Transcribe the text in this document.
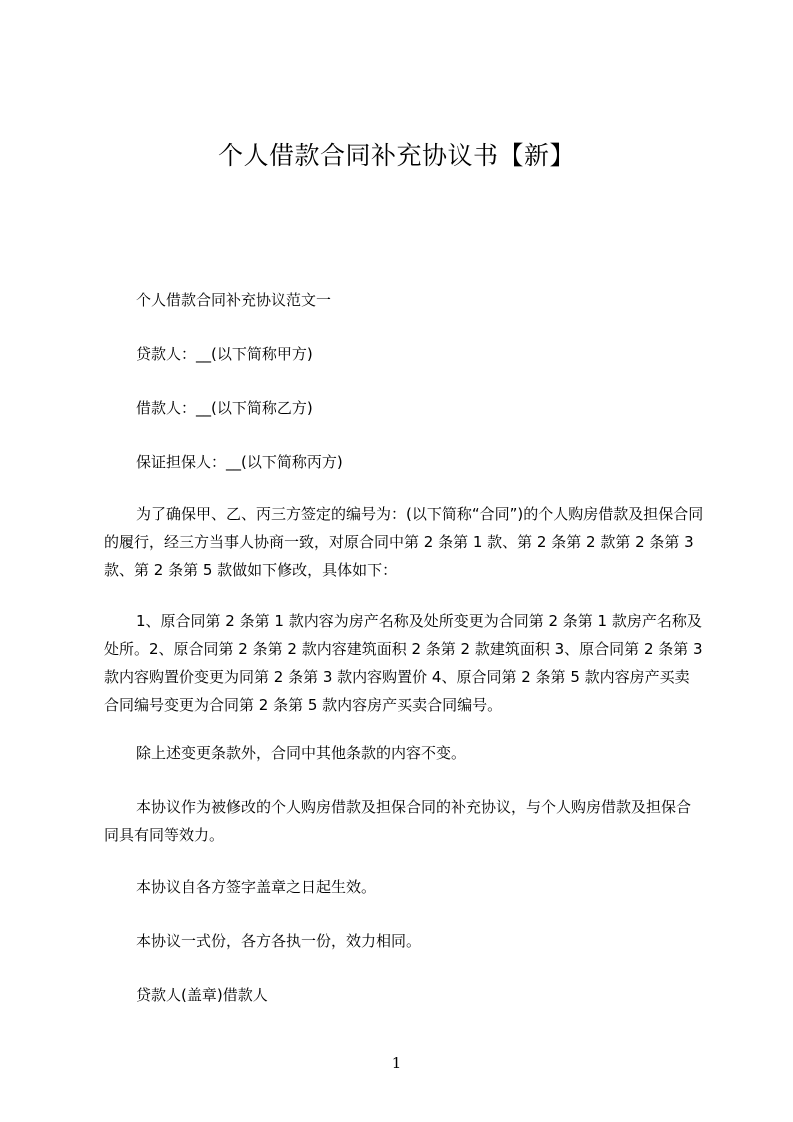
个人借款合同补充协议书【新】

个人借款合同补充协议范文一

贷款人：__(以下简称甲方)

借款人：__(以下简称乙方)

保证担保人：__(以下简称丙方)

为了确保甲、乙、丙三方签定的编号为：(以下简称“合同”)的个人购房借款及担保合同的履行，经三方当事人协商一致，对原合同中第 2 条第 1 款、第 2 条第 2 款第 2 条第 3 款、第 2 条第 5 款做如下修改，具体如下：

1、原合同第 2 条第 1 款内容为房产名称及处所变更为合同第 2 条第 1 款房产名称及处所。2、原合同第 2 条第 2 款内容建筑面积 2 条第 2 款建筑面积 3、原合同第 2 条第 3 款内容购置价变更为同第 2 条第 3 款内容购置价 4、原合同第 2 条第 5 款内容房产买卖合同编号变更为合同第 2 条第 5 款内容房产买卖合同编号。

除上述变更条款外，合同中其他条款的内容不变。

本协议作为被修改的个人购房借款及担保合同的补充协议，与个人购房借款及担保合同具有同等效力。

本协议自各方签字盖章之日起生效。

本协议一式份，各方各执一份，效力相同。

贷款人(盖章)借款人

1
